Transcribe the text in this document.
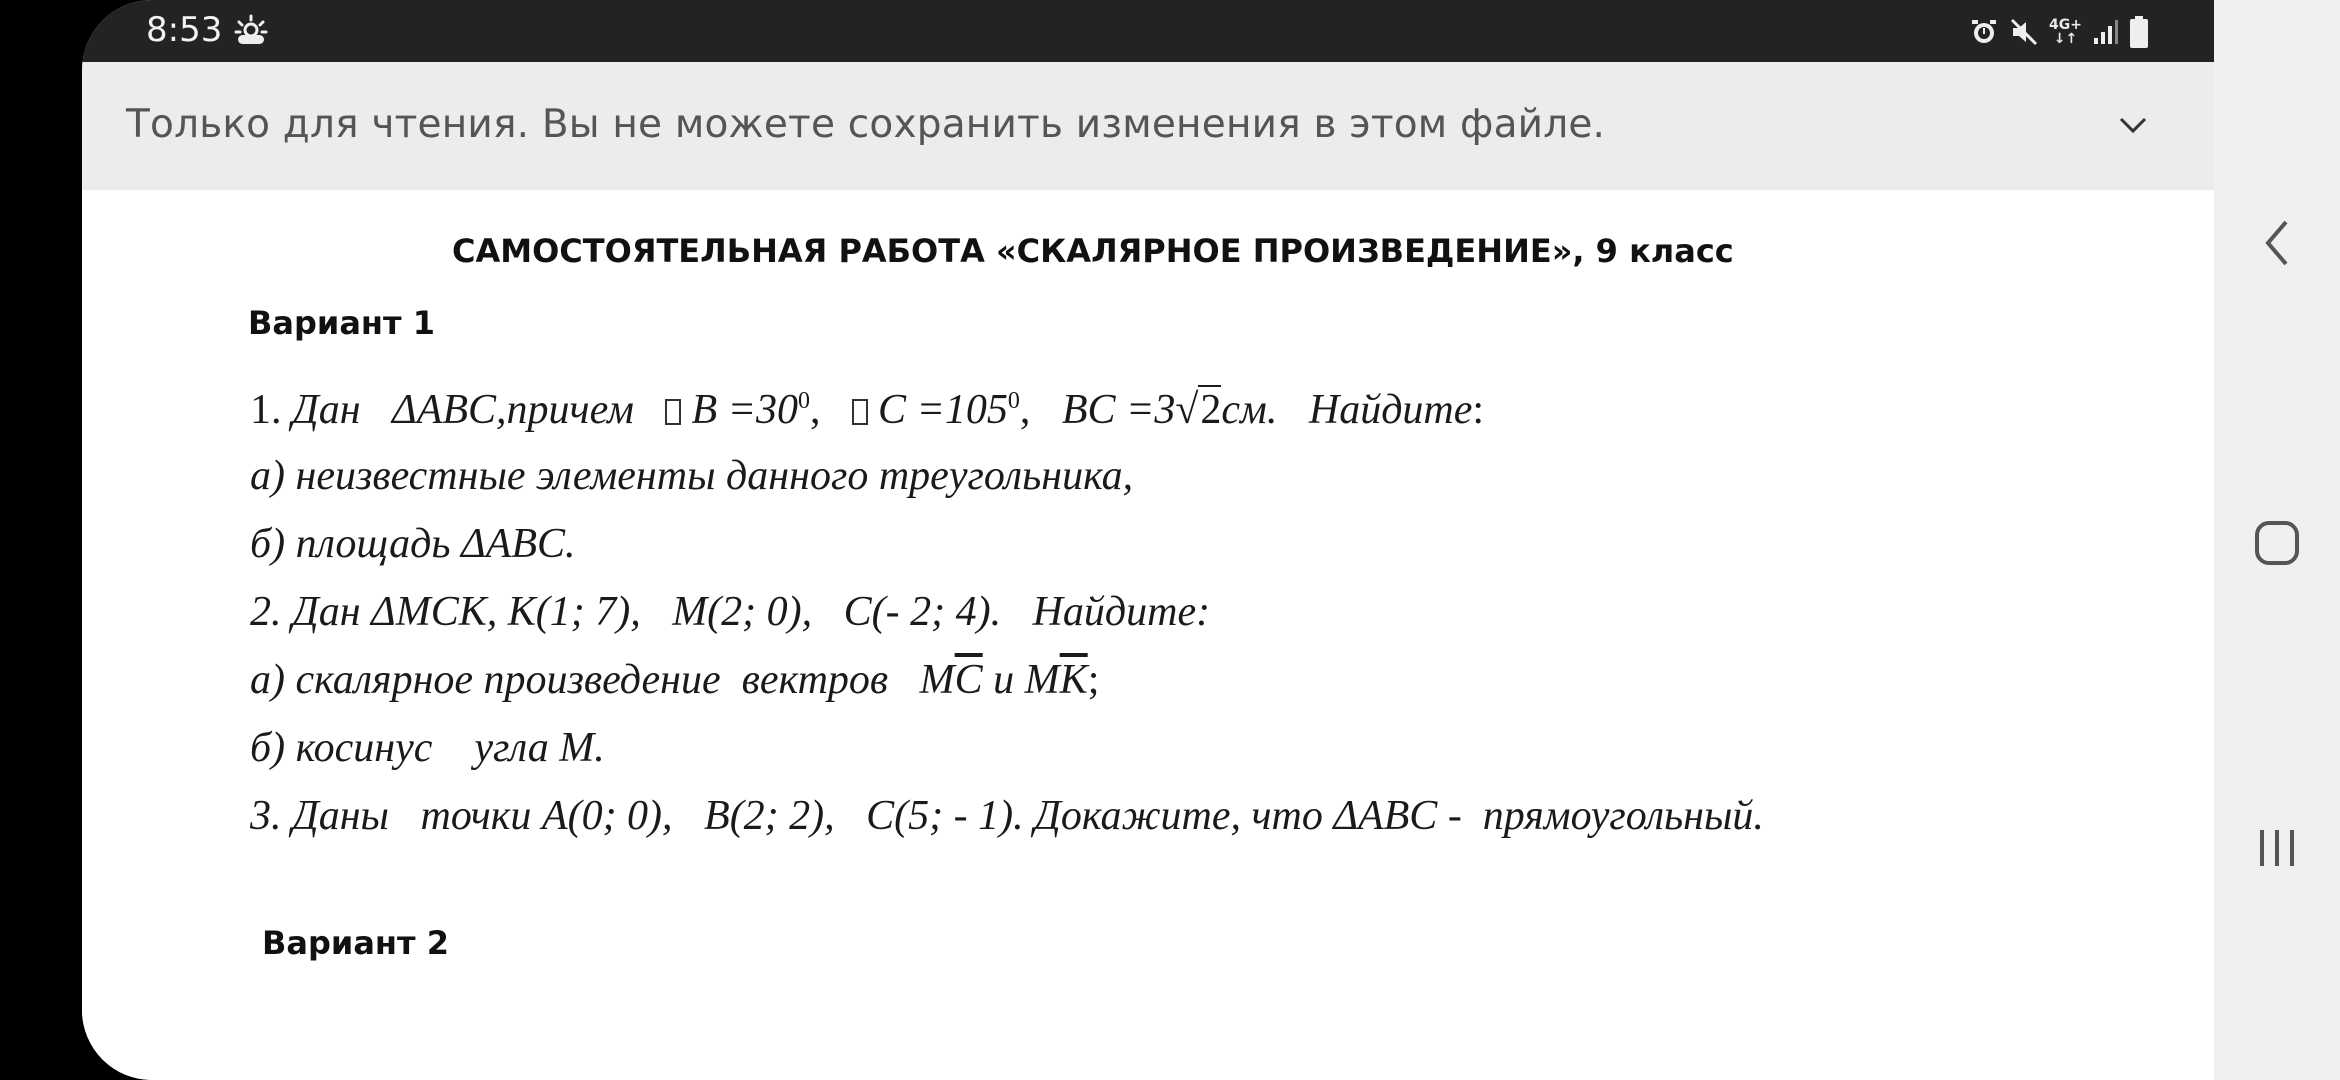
8:53	4G+
↓↑
Только для чтения. Вы не можете сохранить изменения в этом файле.
САМОСТОЯТЕЛЬНАЯ РАБОТА «СКАЛЯРНОЕ ПРОИЗВЕДЕНИЕ», 9 класс
Вариант 1
1. Дан   ΔABC,причем $B =30^0$,   $C =105^0$,   BC =3√2см. Найдите:
а) неизвестные элементы данного треугольника,
б) площадь ΔABC.
2. Дан ΔMCK, K(1; 7),   M(2; 0),   C(- 2; 4).   Найдите:
а) скалярное произведение  вектров   $M\overline{C}$ и $M\overline{K}$;
б) косинус    угла M.
3. Даны   точки A(0; 0),   B(2; 2),   C(5; - 1). Докажите, что ΔABC -  прямоугольный.
Вариант 2
